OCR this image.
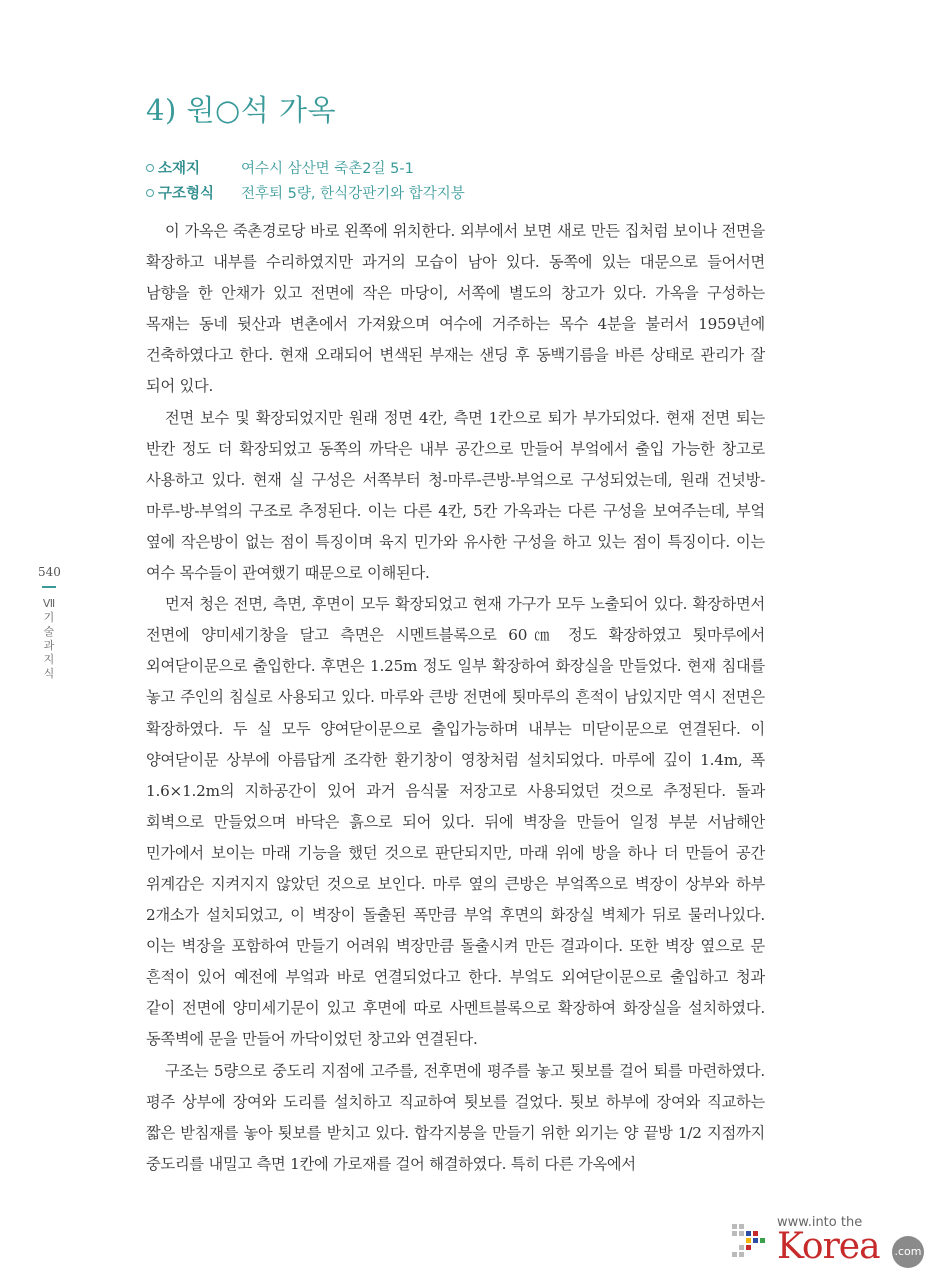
4) 원○석 가옥
소재지	여수시 삼산면 죽촌2길 5-1
구조형식	전후퇴 5량, 한식강판기와 합각지붕

이 가옥은 죽촌경로당 바로 왼쪽에 위치한다. 외부에서 보면 새로 만든 집처럼 보이나 전면을 확장하고 내부를 수리하였지만 과거의 모습이 남아 있다. 동쪽에 있는 대문으로 들어서면 남향을 한 안채가 있고 전면에 작은 마당이, 서쪽에 별도의 창고가 있다. 가옥을 구성하는 목재는 동네 뒷산과 변촌에서 가져왔으며 여수에 거주하는 목수 4분을 불러서 1959년에 건축하였다고 한다. 현재 오래되어 변색된 부재는 샌딩 후 동백기름을 바른 상태로 관리가 잘 되어 있다.

전면 보수 및 확장되었지만 원래 정면 4칸, 측면 1칸으로 퇴가 부가되었다. 현재 전면 퇴는 반칸 정도 더 확장되었고 동쪽의 까닥은 내부 공간으로 만들어 부엌에서 출입 가능한 창고로 사용하고 있다. 현재 실 구성은 서쪽부터 청-마루-큰방-부엌으로 구성되었는데, 원래 건넛방-마루-방-부엌의 구조로 추정된다. 이는 다른 4칸, 5칸 가옥과는 다른 구성을 보여주는데, 부엌 옆에 작은방이 없는 점이 특징이며 육지 민가와 유사한 구성을 하고 있는 점이 특징이다. 이는 여수 목수들이 관여했기 때문으로 이해된다.

먼저 청은 전면, 측면, 후면이 모두 확장되었고 현재 가구가 모두 노출되어 있다. 확장하면서 전면에 양미세기창을 달고 측면은 시멘트블록으로 60㎝ 정도 확장하였고 툇마루에서 외여닫이문으로 출입한다. 후면은 1.25m 정도 일부 확장하여 화장실을 만들었다. 현재 침대를 놓고 주인의 침실로 사용되고 있다. 마루와 큰방 전면에 툇마루의 흔적이 남있지만 역시 전면은 확장하였다. 두 실 모두 양여닫이문으로 출입가능하며 내부는 미닫이문으로 연결된다. 이 양여닫이문 상부에 아름답게 조각한 환기창이 영창처럼 설치되었다. 마루에 깊이 1.4m, 폭 1.6×1.2m의 지하공간이 있어 과거 음식물 저장고로 사용되었던 것으로 추정된다. 돌과 회벽으로 만들었으며 바닥은 흙으로 되어 있다. 뒤에 벽장을 만들어 일정 부분 서남해안 민가에서 보이는 마래 기능을 했던 것으로 판단되지만, 마래 위에 방을 하나 더 만들어 공간 위계감은 지켜지지 않았던 것으로 보인다. 마루 옆의 큰방은 부엌쪽으로 벽장이 상부와 하부 2개소가 설치되었고, 이 벽장이 돌출된 폭만큼 부엌 후면의 화장실 벽체가 뒤로 물러나있다. 이는 벽장을 포함하여 만들기 어려워 벽장만큼 돌출시켜 만든 결과이다. 또한 벽장 옆으로 문 흔적이 있어 예전에 부엌과 바로 연결되었다고 한다. 부엌도 외여닫이문으로 출입하고 청과 같이 전면에 양미세기문이 있고 후면에 따로 사멘트블록으로 확장하여 화장실을 설치하였다. 동쪽벽에 문을 만들어 까닥이었던 창고와 연결된다.

구조는 5량으로 중도리 지점에 고주를, 전후면에 평주를 놓고 툇보를 걸어 퇴를 마련하였다. 평주 상부에 장여와 도리를 설치하고 직교하여 툇보를 걸었다. 툇보 하부에 장여와 직교하는 짧은 받침재를 놓아 툇보를 받치고 있다. 합각지붕을 만들기 위한 외기는 양 끝방 1/2 지점까지 중도리를 내밀고 측면 1칸에 가로재를 걸어 해결하였다. 특히 다른 가옥에서

540
Ⅶ
기
술
과
지
식
www.into the
Korea .com
